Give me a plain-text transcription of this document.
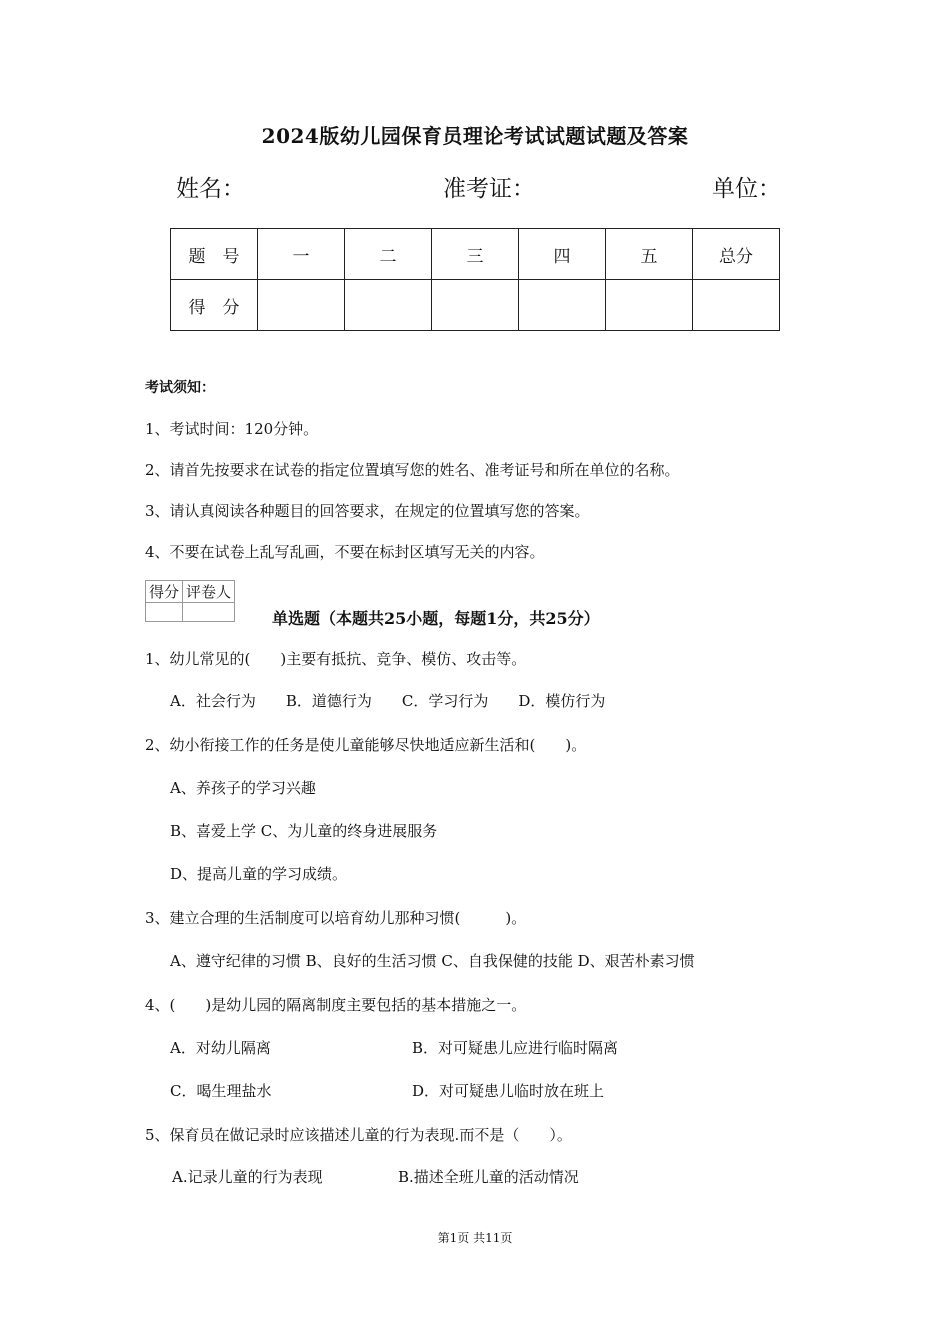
2024版幼儿园保育员理论考试试题试题及答案
姓名：	准考证：	单位：
题　号	一	二	三	四	五	总分
得　分						
考试须知：
1、考试时间：120分钟。
2、请首先按要求在试卷的指定位置填写您的姓名、准考证号和所在单位的名称。
3、请认真阅读各种题目的回答要求，在规定的位置填写您的答案。
4、不要在试卷上乱写乱画，不要在标封区填写无关的内容。
得分	评卷人

单选题（本题共25小题，每题1分，共25分）
1、幼儿常见的(　　)主要有抵抗、竞争、模仿、攻击等。
A．社会行为　　B．道德行为　　C．学习行为　　D．模仿行为
2、幼小衔接工作的任务是使儿童能够尽快地适应新生活和(　　)。
A、养孩子的学习兴趣
B、喜爱上学 C、为儿童的终身进展服务
D、提高儿童的学习成绩。
3、建立合理的生活制度可以培育幼儿那种习惯(　　　)。
A、遵守纪律的习惯 B、良好的生活习惯 C、自我保健的技能 D、艰苦朴素习惯
4、(　　)是幼儿园的隔离制度主要包括的基本措施之一。
A．对幼儿隔离	B．对可疑患儿应进行临时隔离
C．喝生理盐水	D．对可疑患儿临时放在班上
5、保育员在做记录时应该描述儿童的行为表现.而不是（　　）。
A.记录儿童的行为表现	B.描述全班儿童的活动情况
第1页 共11页
